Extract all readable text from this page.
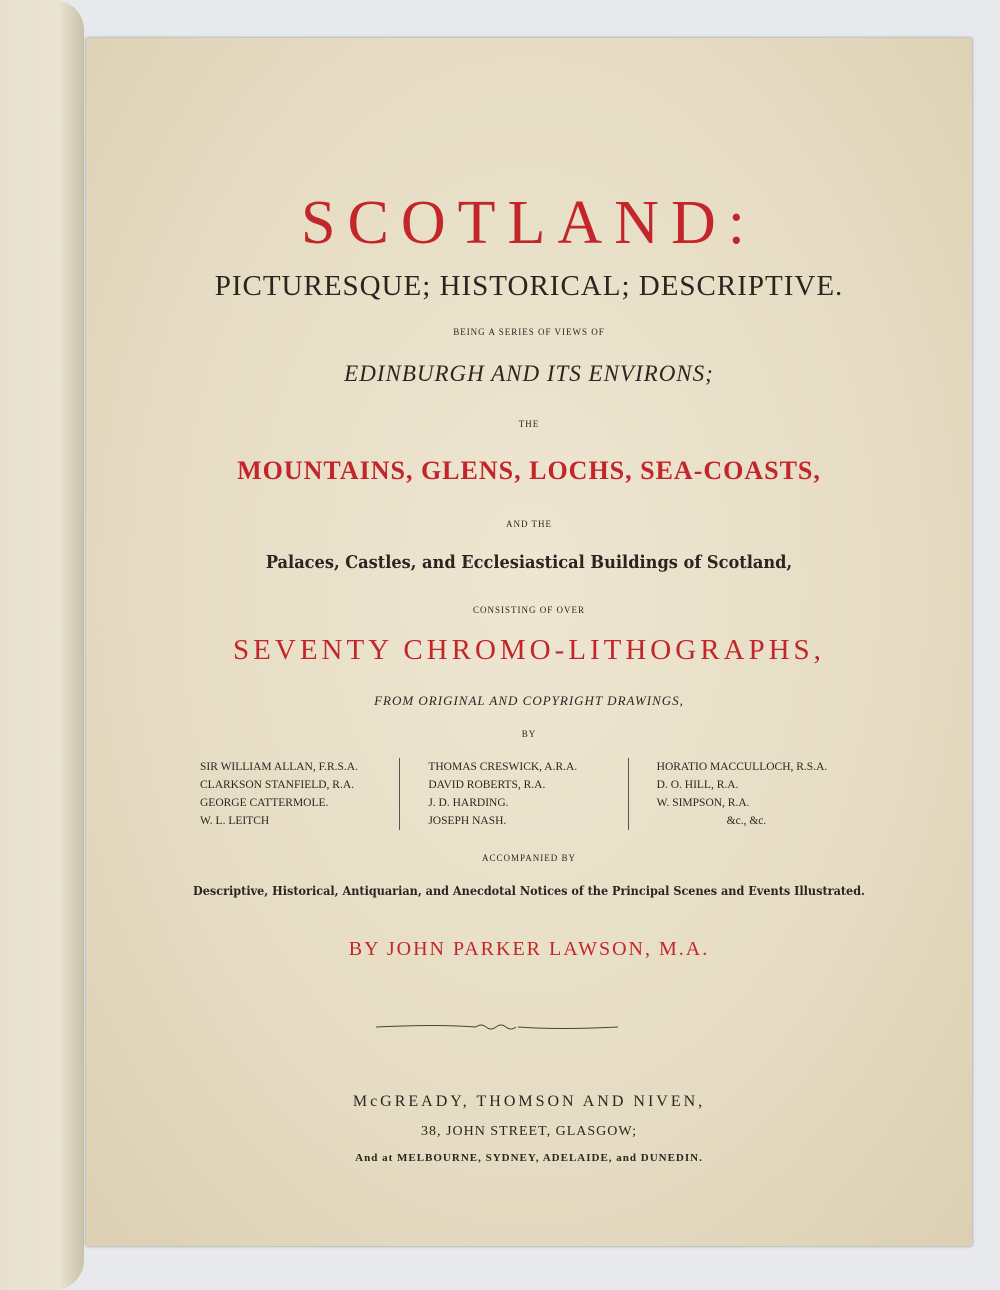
SCOTLAND:
PICTURESQUE; HISTORICAL; DESCRIPTIVE.
BEING A SERIES OF VIEWS OF
EDINBURGH AND ITS ENVIRONS;
THE
MOUNTAINS, GLENS, LOCHS, SEA-COASTS,
AND THE
Palaces, Castles, and Ecclesiastical Buildings of Scotland,
CONSISTING OF OVER
SEVENTY CHROMO-LITHOGRAPHS,
FROM ORIGINAL AND COPYRIGHT DRAWINGS,
BY
SIR WILLIAM ALLAN, F.R.S.A.
CLARKSON STANFIELD, R.A.
GEORGE CATTERMOLE.
W. L. LEITCH
THOMAS CRESWICK, A.R.A.
DAVID ROBERTS, R.A.
J. D. HARDING.
JOSEPH NASH.
HORATIO MACCULLOCH, R.S.A.
D. O. HILL, R.A.
W. SIMPSON, R.A.
&c., &c.
ACCOMPANIED BY
Descriptive, Historical, Antiquarian, and Anecdotal Notices of the Principal Scenes and Events Illustrated.
BY JOHN PARKER LAWSON, M.A.
McGREADY, THOMSON AND NIVEN,
38, JOHN STREET, GLASGOW;
And at MELBOURNE, SYDNEY, ADELAIDE, and DUNEDIN.
